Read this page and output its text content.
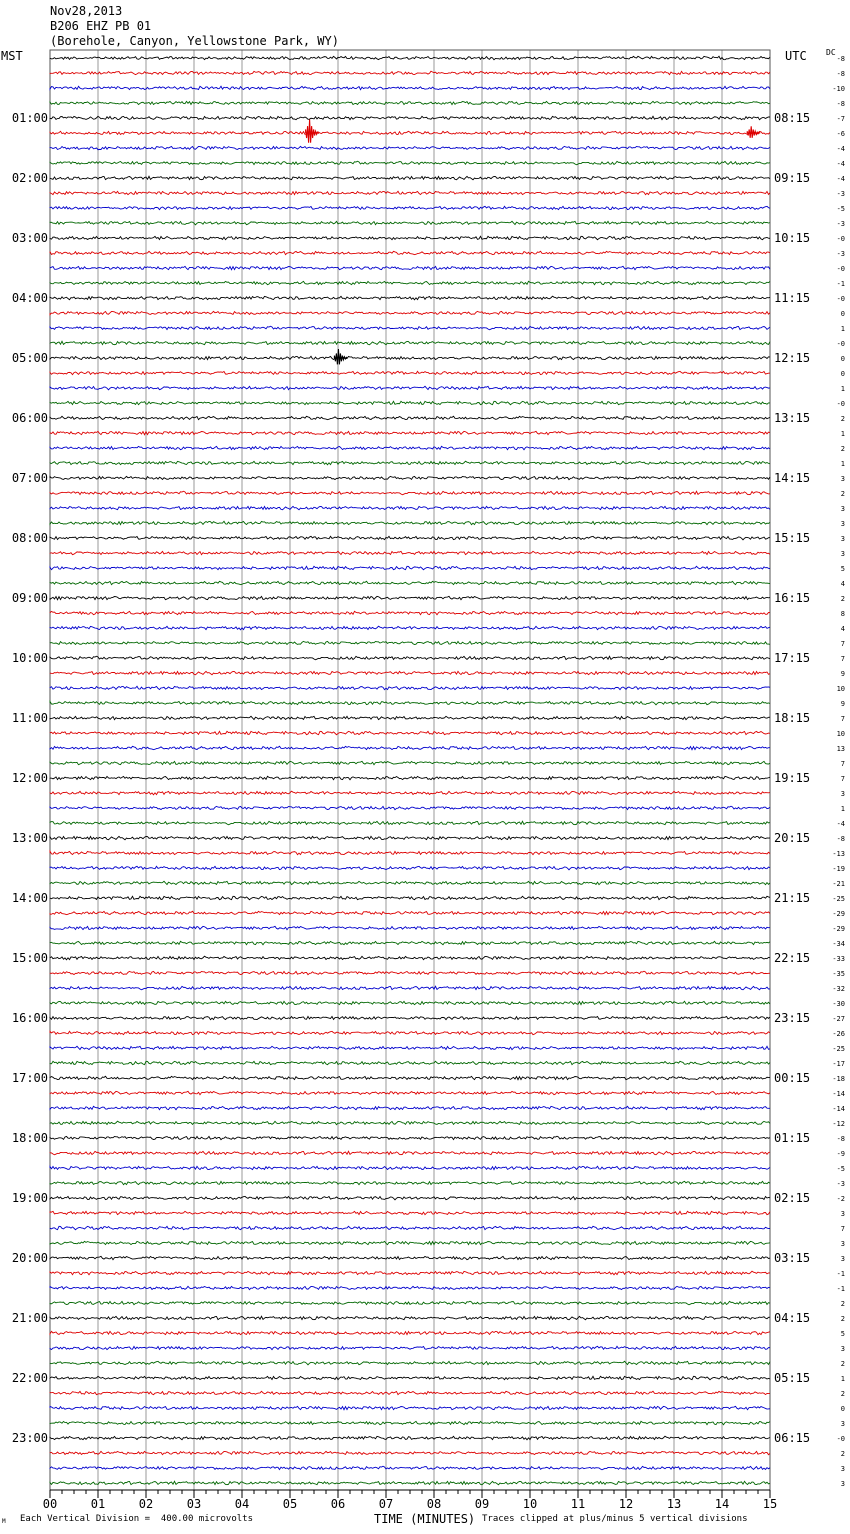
Nov28,2013
B206 EHZ PB 01
(Borehole, Canyon, Yellowstone Park, WY)
MST	UTC DC
-8
-8
-10
-8
-7
-6
-4
-4
-4
-3
-5
-3
-0
-3
-0
-1
-0
0
1
-0
0
0
1
-0
2
1
2
1
3
2
3
3
3
3
5
4
2
8
4
7
7
9
10
9
7
10
13
7
7
3
1
-4
-8
-13
-19
-21
-25
-29
-29
-34
-33
-35
-32
-30
-27
-26
-25
-17
-18
-14
-14
-12
-8
-9
-5
-3
-2
3
7
3
3
-1
-1
2
2
5
3
2
1
2
0
3
-0
2
3
3
01:00
02:00
03:00
04:00
05:00
06:00
07:00
08:00
09:00
10:00
11:00
12:00
13:00
14:00
15:00
16:00
17:00
18:00
19:00
20:00
21:00
22:00
23:00
08:15
09:15
10:15
11:15
12:15
13:15
14:15
15:15
16:15
17:15
18:15
19:15
20:15
21:15
22:15
23:15
00:15
01:15
02:15
03:15
04:15
05:15
06:15
00	01	02	03	04	05	06	07	08	09	10	11	12	13	14	15
M Each Vertical Division =  400.00 microvolts	TIME (MINUTES) Traces clipped at plus/minus 5 vertical divisions
